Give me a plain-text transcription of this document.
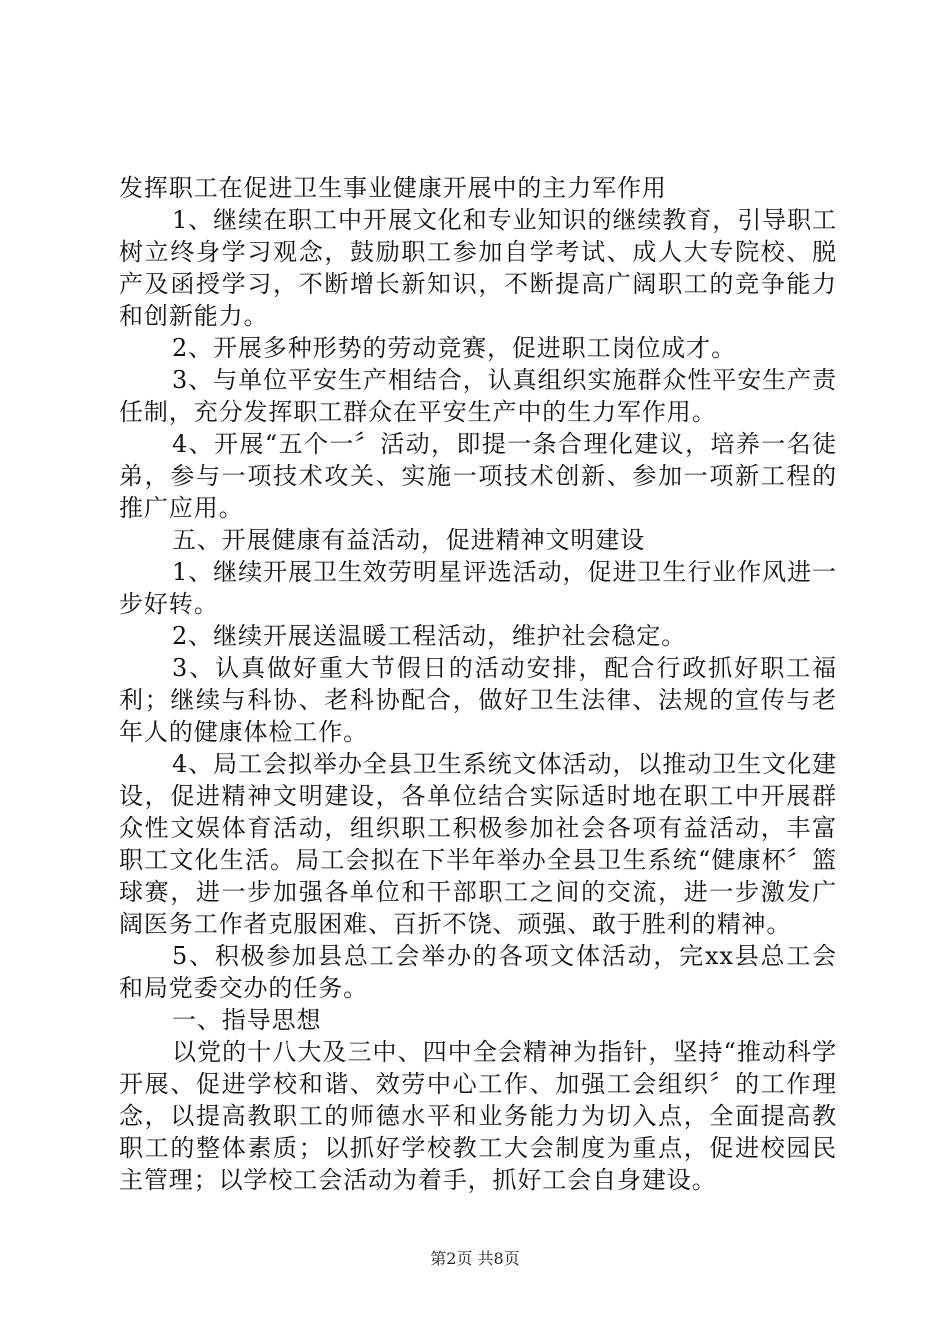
发挥职工在促进卫生事业健康开展中的主力军作用

1、继续在职工中开展文化和专业知识的继续教育，引导职工树立终身学习观念，鼓励职工参加自学考试、成人大专院校、脱产及函授学习，不断增长新知识，不断提高广阔职工的竞争能力和创新能力。

2、开展多种形势的劳动竞赛，促进职工岗位成才。

3、与单位平安生产相结合，认真组织实施群众性平安生产责任制，充分发挥职工群众在平安生产中的生力军作用。

4、开展“五个一〞活动，即提一条合理化建议，培养一名徒弟，参与一项技术攻关、实施一项技术创新、参加一项新工程的推广应用。

五、开展健康有益活动，促进精神文明建设

1、继续开展卫生效劳明星评选活动，促进卫生行业作风进一步好转。

2、继续开展送温暖工程活动，维护社会稳定。

3、认真做好重大节假日的活动安排，配合行政抓好职工福利；继续与科协、老科协配合，做好卫生法律、法规的宣传与老年人的健康体检工作。

4、局工会拟举办全县卫生系统文体活动，以推动卫生文化建设，促进精神文明建设，各单位结合实际适时地在职工中开展群众性文娱体育活动，组织职工积极参加社会各项有益活动，丰富职工文化生活。局工会拟在下半年举办全县卫生系统“健康杯〞篮球赛，进一步加强各单位和干部职工之间的交流，进一步激发广阔医务工作者克服困难、百折不饶、顽强、敢于胜利的精神。

5、积极参加县总工会举办的各项文体活动，完xx县总工会和局党委交办的任务。

一、指导思想

以党的十八大及三中、四中全会精神为指针，坚持“推动科学开展、促进学校和谐、效劳中心工作、加强工会组织〞的工作理念，以提高教职工的师德水平和业务能力为切入点，全面提高教职工的整体素质；以抓好学校教工大会制度为重点，促进校园民主管理；以学校工会活动为着手，抓好工会自身建设。

第2页 共8页
